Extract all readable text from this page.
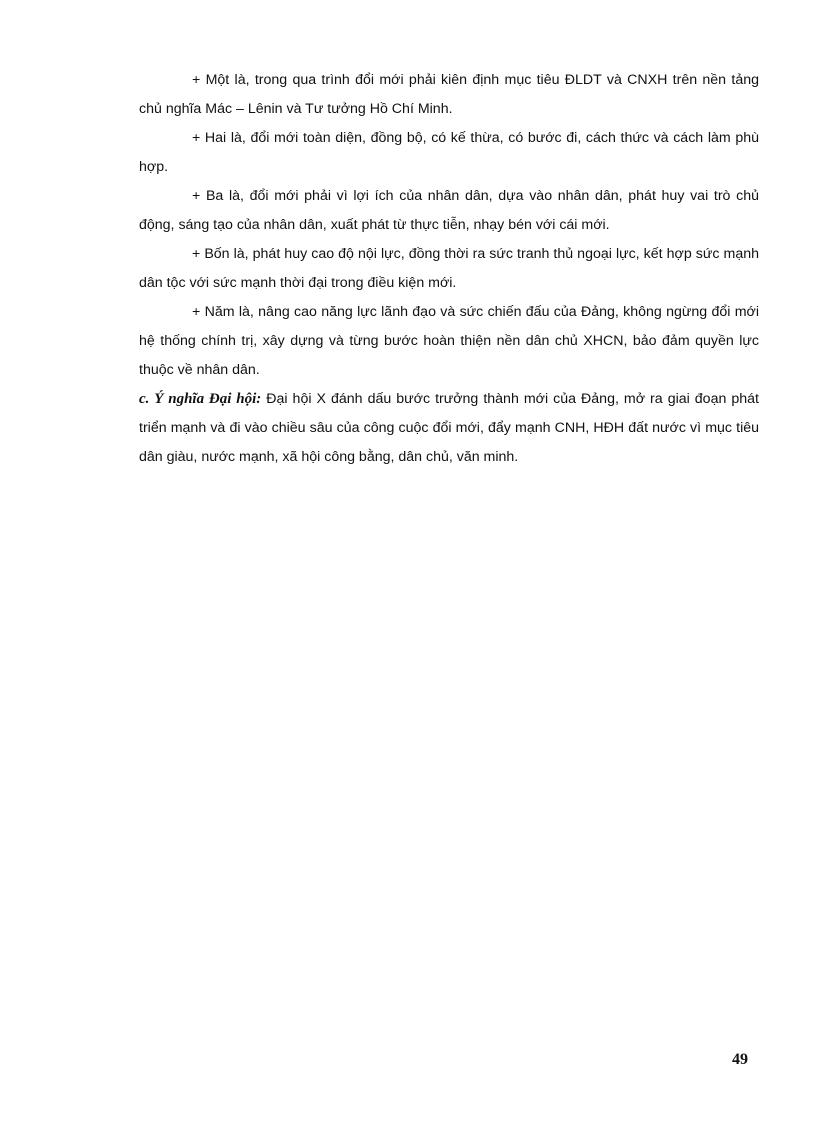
+ Một là, trong qua trình đổi mới phải kiên định mục tiêu ĐLDT và CNXH trên nền tảng chủ nghĩa Mác – Lênin và Tư tưởng Hồ Chí Minh.

+ Hai là, đổi mới toàn diện, đồng bộ, có kế thừa, có bước đi, cách thức và cách làm phù hợp.

+ Ba là, đổi mới phải vì lợi ích của nhân dân, dựa vào nhân dân, phát huy vai trò chủ động, sáng tạo của nhân dân, xuất phát từ thực tiễn, nhạy bén với cái mới.

+ Bốn là, phát huy cao độ nội lực, đồng thời ra sức tranh thủ ngoại lực, kết hợp sức mạnh dân tộc với sức mạnh thời đại trong điều kiện mới.

+ Năm là, nâng cao năng lực lãnh đạo và sức chiến đấu của Đảng, không ngừng đổi mới hệ thống chính trị, xây dựng và từng bước hoàn thiện nền dân chủ XHCN, bảo đảm quyền lực thuộc về nhân dân.

c. Ý nghĩa Đại hội: Đại hội X đánh dấu bước trưởng thành mới của Đảng, mở ra giai đoạn phát triển mạnh và đi vào chiều sâu của công cuộc đổi mới, đẩy mạnh CNH, HĐH đất nước vì mục tiêu dân giàu, nước mạnh, xã hội công bằng, dân chủ, văn minh.

49
